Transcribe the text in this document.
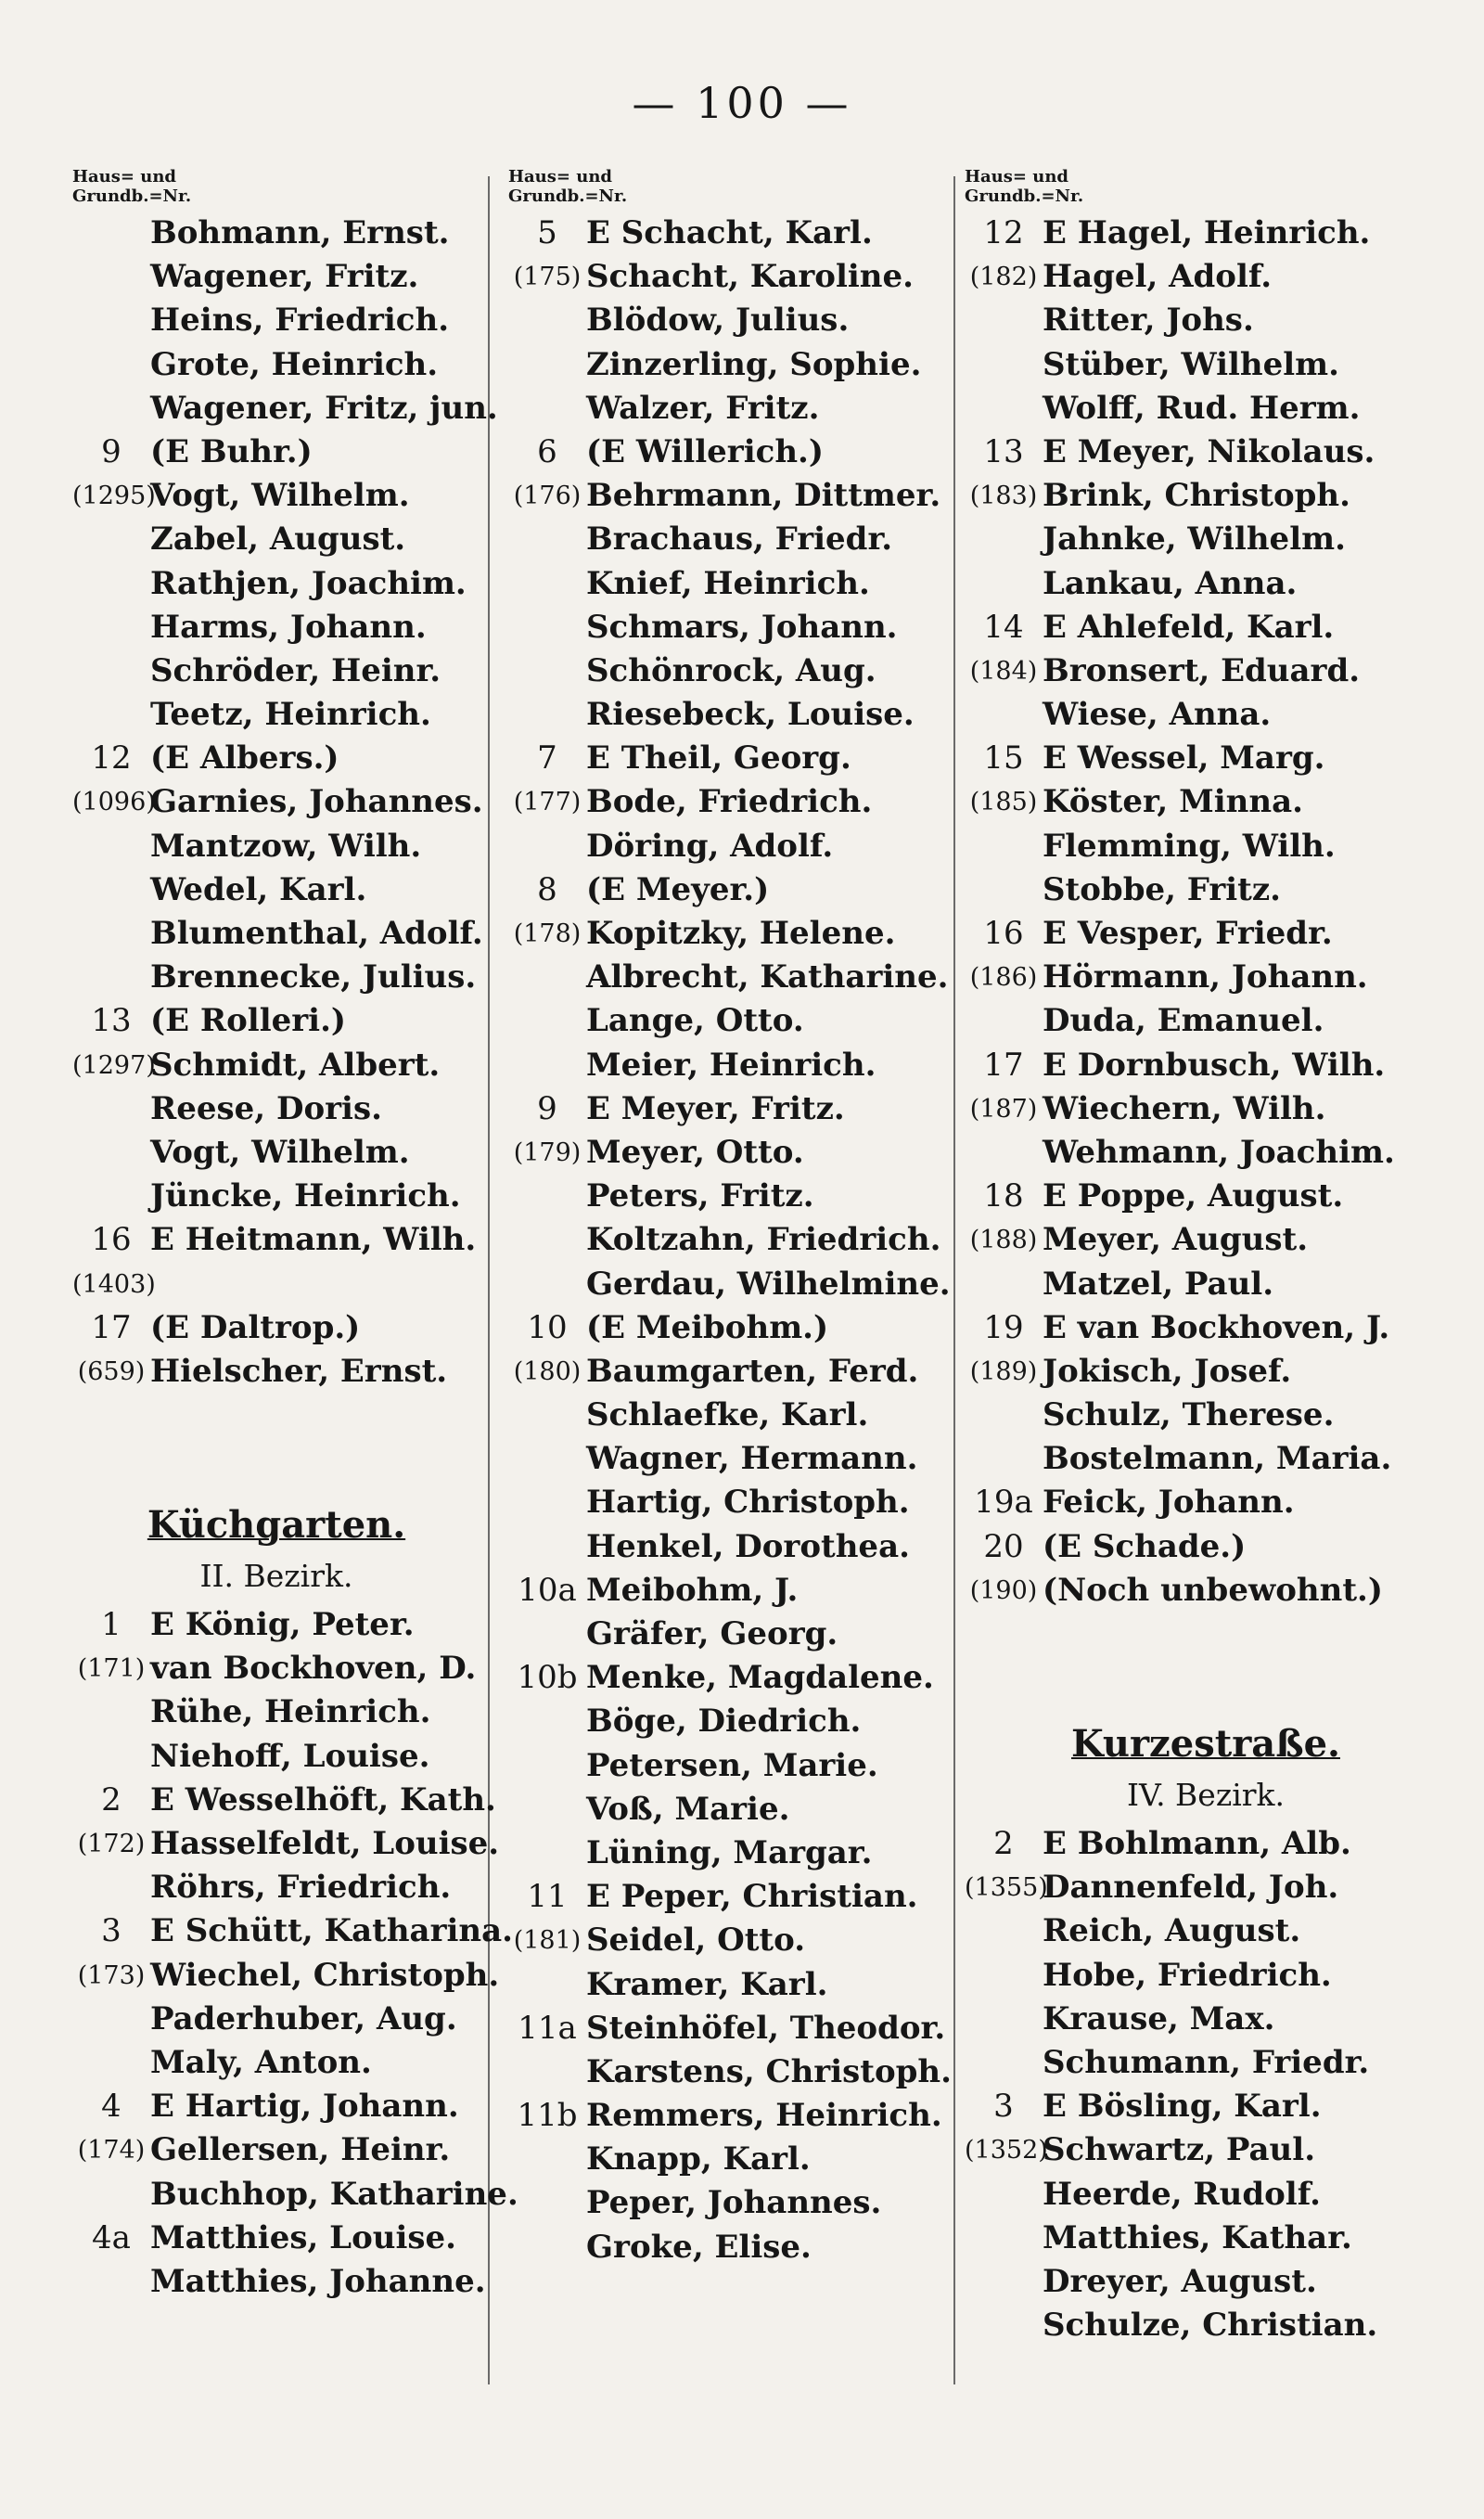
— 100 —
Haus= und
Grundb.=Nr.
Bohmann, Ernst.
Wagener, Fritz.
Heins, Friedrich.
Grote, Heinrich.
Wagener, Fritz, jun.
9 (E Buhr.)
(1295)
Vogt, Wilhelm.
Zabel, August.
Rathjen, Joachim.
Harms, Johann.
Schröder, Heinr.
Teetz, Heinrich.
12 (E Albers.)
(1096)
Garnies, Johannes.
Mantzow, Wilh.
Wedel, Karl.
Blumenthal, Adolf.
Brennecke, Julius.
13 (E Rolleri.)
(1297)
Schmidt, Albert.
Reese, Doris.
Vogt, Wilhelm.
Jüncke, Heinrich.
16 E Heitmann, Wilh.
(1403)
17 (E Daltrop.)
(659) Hielscher, Ernst.
Küchgarten.
II. Bezirk.
1 E König, Peter.
(171) van Bockhoven, D.
Rühe, Heinrich.
Niehoff, Louise.
2 E Wesselhöft, Kath.
(172) Hasselfeldt, Louise.
Röhrs, Friedrich.
3 E Schütt, Katharina.
(173) Wiechel, Christoph.
Paderhuber, Aug.
Maly, Anton.
4 E Hartig, Johann.
(174) Gellersen, Heinr.
Buchhop, Katharine.
4a Matthies, Louise.
Matthies, Johanne.
Haus= und
Grundb.=Nr.
5 E Schacht, Karl.
(175) Schacht, Karoline.
Blödow, Julius.
Zinzerling, Sophie.
Walzer, Fritz.
6 (E Willerich.)
(176) Behrmann, Dittmer.
Brachaus, Friedr.
Knief, Heinrich.
Schmars, Johann.
Schönrock, Aug.
Riesebeck, Louise.
7 E Theil, Georg.
(177) Bode, Friedrich.
Döring, Adolf.
8 (E Meyer.)
(178) Kopitzky, Helene.
Albrecht, Katharine.
Lange, Otto.
Meier, Heinrich.
9 E Meyer, Fritz.
(179) Meyer, Otto.
Peters, Fritz.
Koltzahn, Friedrich.
Gerdau, Wilhelmine.
10 (E Meibohm.)
(180) Baumgarten, Ferd.
Schlaefke, Karl.
Wagner, Hermann.
Hartig, Christoph.
Henkel, Dorothea.
10a Meibohm, J.
Gräfer, Georg.
10b Menke, Magdalene.
Böge, Diedrich.
Petersen, Marie.
Voß, Marie.
Lüning, Margar.
11 E Peper, Christian.
(181) Seidel, Otto.
Kramer, Karl.
11a Steinhöfel, Theodor.
Karstens, Christoph.
11b Remmers, Heinrich.
Knapp, Karl.
Peper, Johannes.
Groke, Elise.
Haus= und
Grundb.=Nr.
12 E Hagel, Heinrich.
(182) Hagel, Adolf.
Ritter, Johs.
Stüber, Wilhelm.
Wolff, Rud. Herm.
13 E Meyer, Nikolaus.
(183) Brink, Christoph.
Jahnke, Wilhelm.
Lankau, Anna.
14 E Ahlefeld, Karl.
(184) Bronsert, Eduard.
Wiese, Anna.
15 E Wessel, Marg.
(185) Köster, Minna.
Flemming, Wilh.
Stobbe, Fritz.
16 E Vesper, Friedr.
(186) Hörmann, Johann.
Duda, Emanuel.
17 E Dornbusch, Wilh.
(187) Wiechern, Wilh.
Wehmann, Joachim.
18 E Poppe, August.
(188) Meyer, August.
Matzel, Paul.
19 E van Bockhoven, J.
(189) Jokisch, Josef.
Schulz, Therese.
Bostelmann, Maria.
19a Feick, Johann.
20 (E Schade.)
(190) (Noch unbewohnt.)
Kurzestraße.
IV. Bezirk.
2 E Bohlmann, Alb.
(1355)
Dannenfeld, Joh.
Reich, August.
Hobe, Friedrich.
Krause, Max.
Schumann, Friedr.
3 E Bösling, Karl.
(1352)
Schwartz, Paul.
Heerde, Rudolf.
Matthies, Kathar.
Dreyer, August.
Schulze, Christian.
